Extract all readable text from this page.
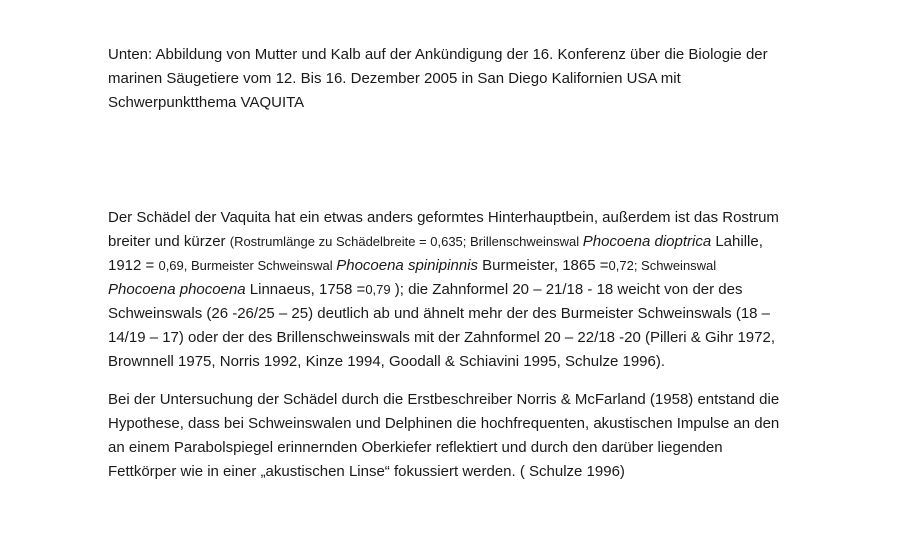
Unten: Abbildung von Mutter und Kalb auf der Ankündigung der 16. Konferenz über die Biologie der
marinen Säugetiere vom 12. Bis 16. Dezember 2005 in San Diego Kalifornien USA mit
Schwerpunktthema VAQUITA

Der Schädel der Vaquita hat ein etwas anders geformtes Hinterhauptbein, außerdem ist das Rostrum
breiter und kürzer (Rostrumlänge zu Schädelbreite = 0,635; Brillenschweinswal Phocoena dioptrica Lahille,
1912 = 0,69, Burmeister Schweinswal Phocoena spinipinnis Burmeister, 1865 =0,72; Schweinswal
Phocoena phocoena Linnaeus, 1758 =0,79 ); die Zahnformel 20 – 21/18 - 18 weicht von der des
Schweinswals (26 -26/25 – 25) deutlich ab und ähnelt mehr der des Burmeister Schweinswals (18 –
14/19 – 17) oder der des Brillenschweinswals mit der Zahnformel 20 – 22/18 -20 (Pilleri & Gihr 1972,
Brownnell 1975, Norris 1992, Kinze 1994, Goodall & Schiavini 1995, Schulze 1996).

Bei der Untersuchung der Schädel durch die Erstbeschreiber Norris & McFarland (1958) entstand die
Hypothese, dass bei Schweinswalen und Delphinen die hochfrequenten, akustischen Impulse an den
an einem Parabolspiegel erinnernden Oberkiefer reflektiert und durch den darüber liegenden
Fettkörper wie in einer „akustischen Linse“ fokussiert werden. ( Schulze 1996)
